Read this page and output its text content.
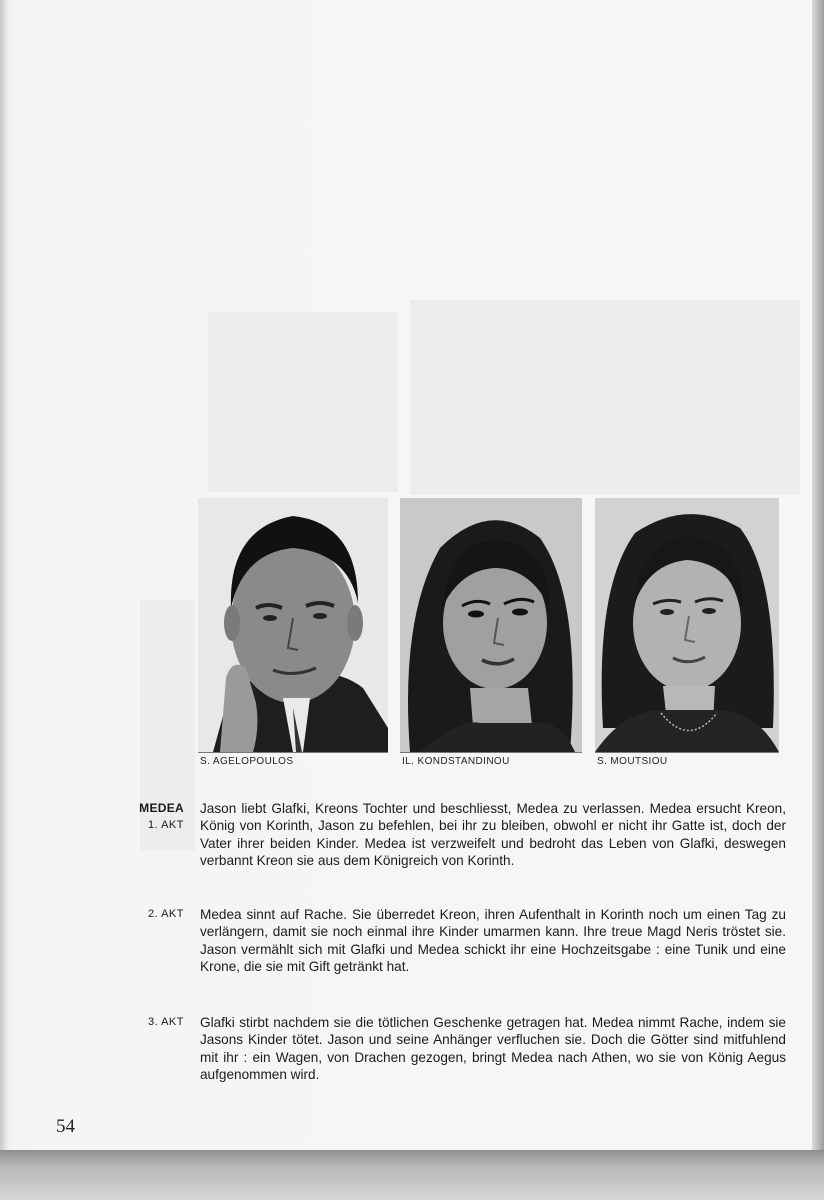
S. AGELOPOULOS	IL. KONDSTANDINOU	S. MOUTSIOU
MEDEA
1. AKT
Jason liebt Glafki, Kreons Tochter und beschliesst, Medea zu verlassen. Medea ersucht Kreon, König von Korinth, Jason zu befehlen, bei ihr zu bleiben, obwohl er nicht ihr Gatte ist, doch der Vater ihrer beiden Kinder. Medea ist verzweifelt und bedroht das Leben von Glafki, deswegen verbannt Kreon sie aus dem Königreich von Korinth.
2. AKT Medea sinnt auf Rache. Sie überredet Kreon, ihren Aufenthalt in Korinth noch um einen Tag zu verlängern, damit sie noch einmal ihre Kinder umarmen kann. Ihre treue Magd Neris tröstet sie. Jason vermählt sich mit Glafki und Medea schickt ihr eine Hochzeitsgabe : eine Tunik und eine Krone, die sie mit Gift getränkt hat.
3. AKT Glafki stirbt nachdem sie die tötlichen Geschenke getragen hat. Medea nimmt Rache, indem sie Jasons Kinder tötet. Jason und seine Anhänger verfluchen sie. Doch die Götter sind mitfuhlend mit ihr : ein Wagen, von Drachen gezogen, bringt Medea nach Athen, wo sie von König Aegus aufgenommen wird.
54
